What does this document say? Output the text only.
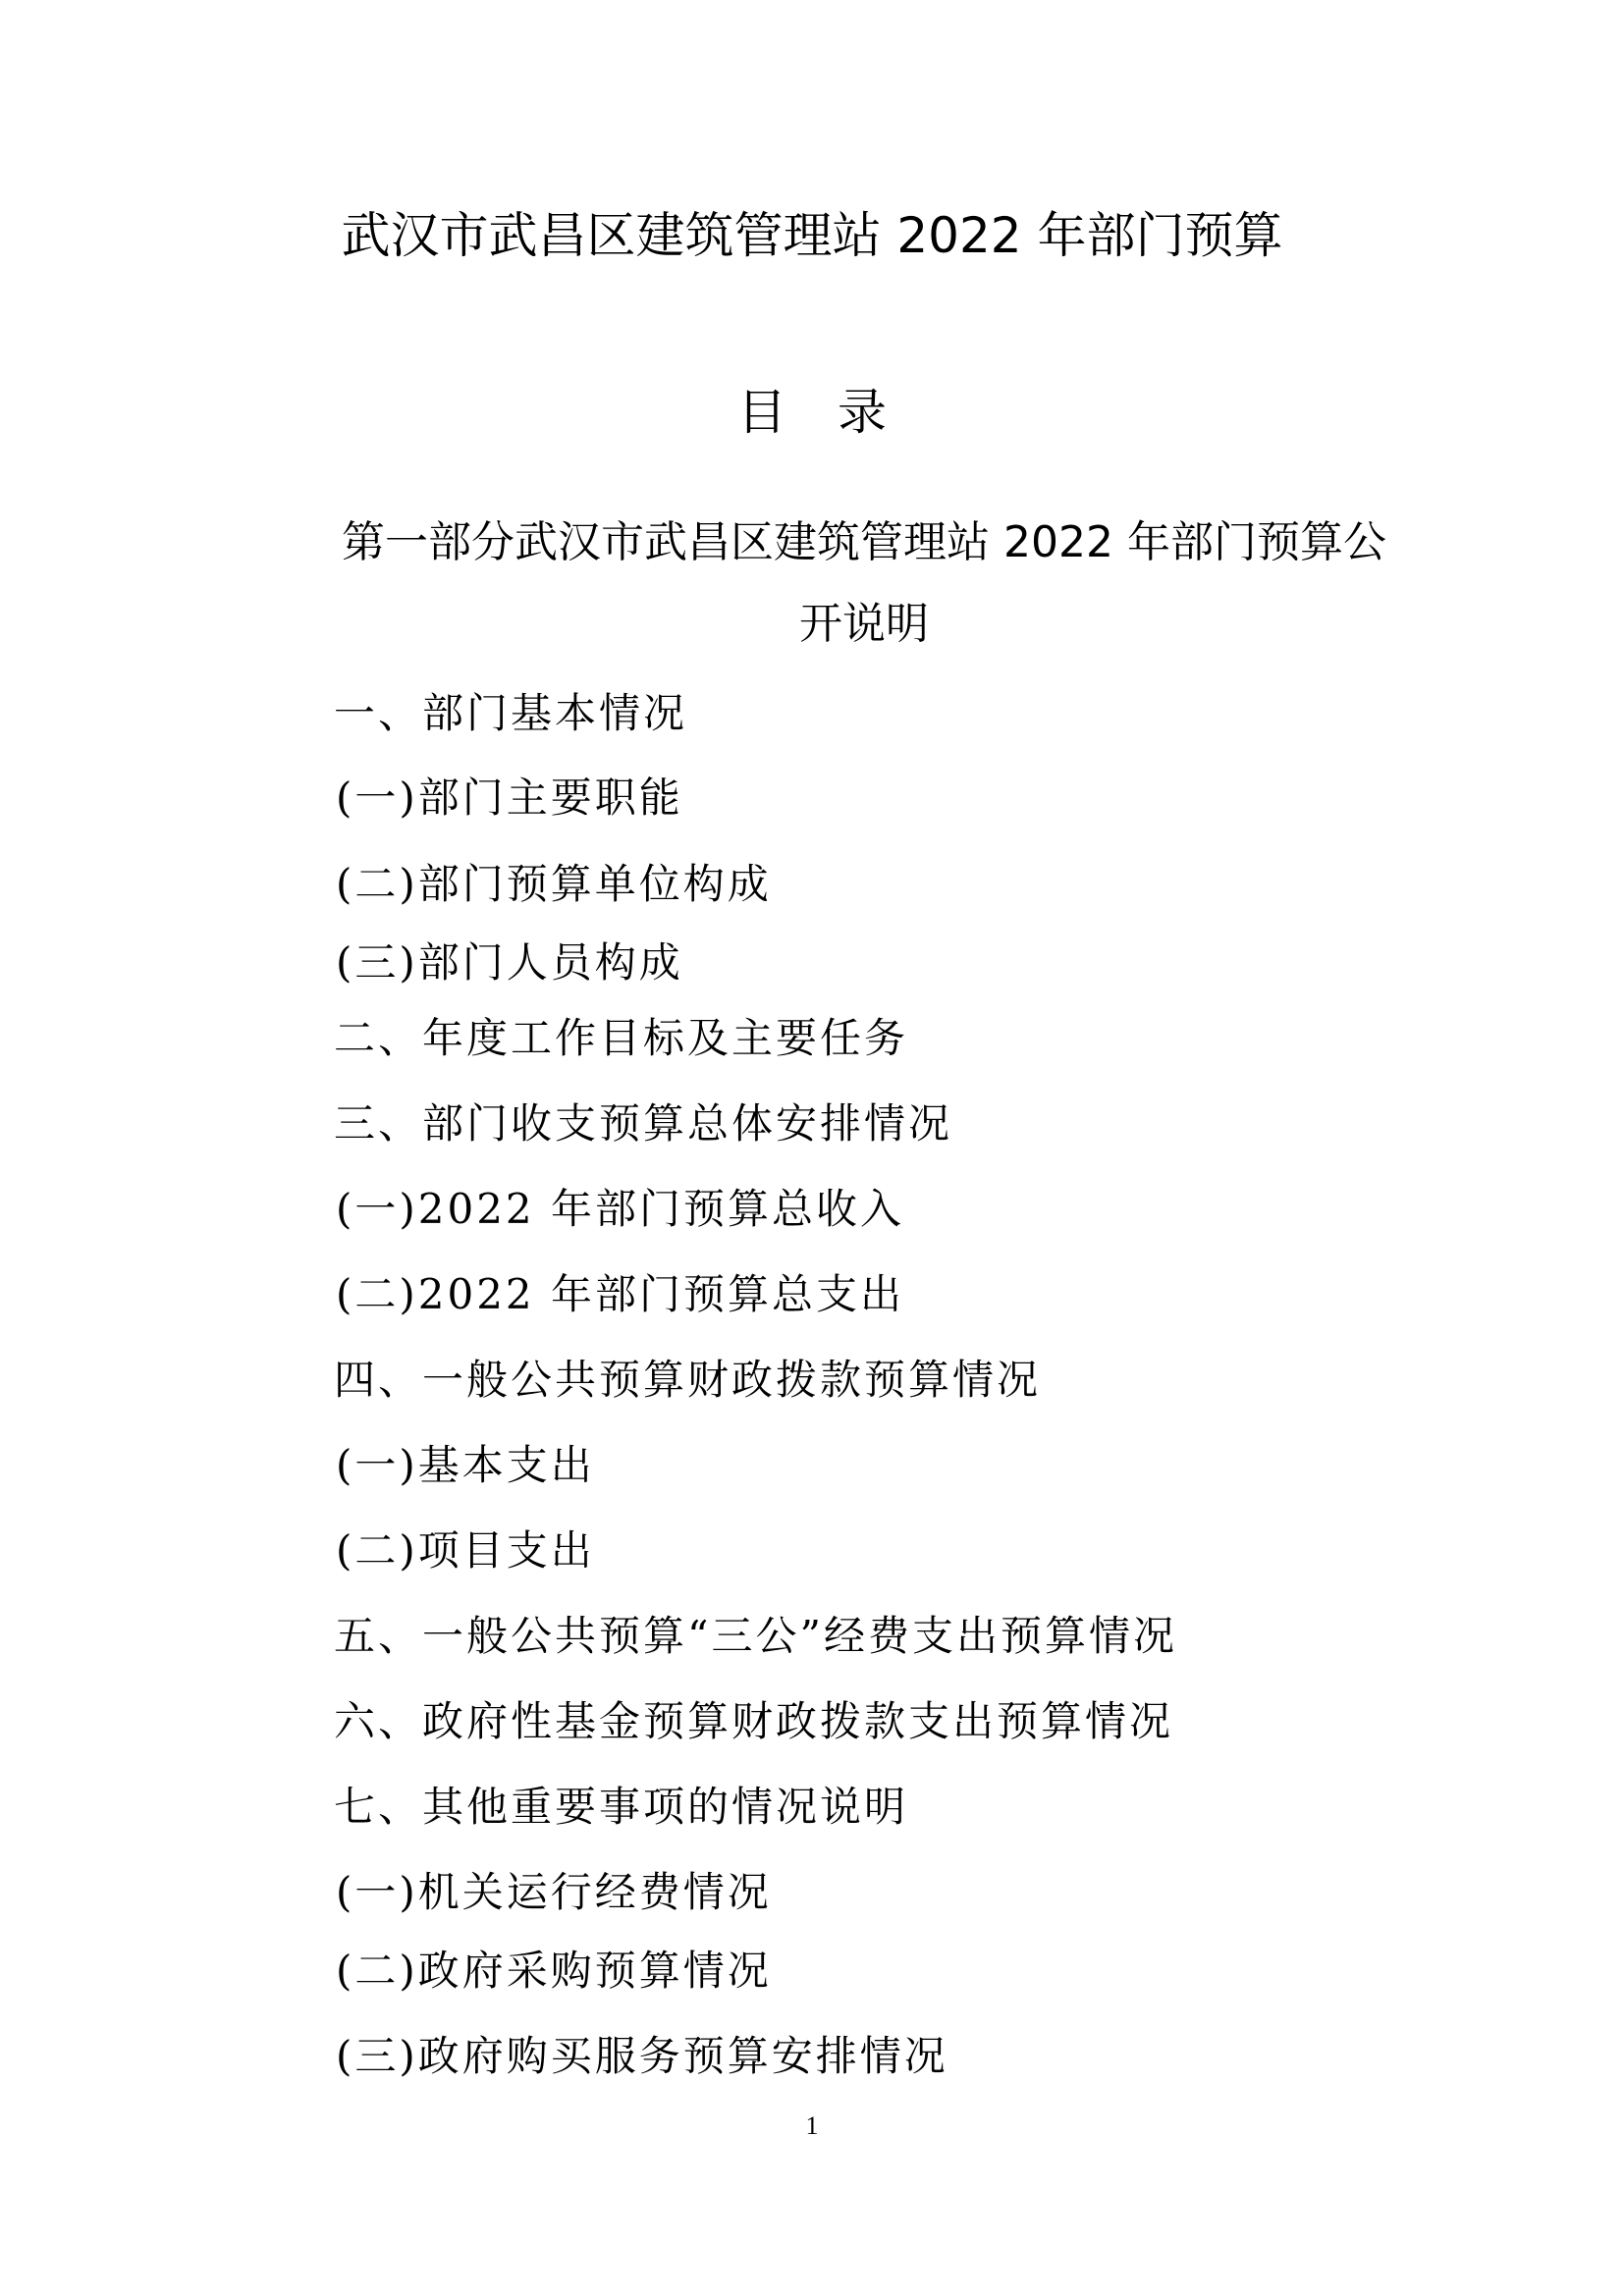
武汉市武昌区建筑管理站 2022 年部门预算
目 录
第一部分武汉市武昌区建筑管理站 2022 年部门预算公
开说明
一、部门基本情况
(一)部门主要职能
(二)部门预算单位构成
(三)部门人员构成
二、年度工作目标及主要任务
三、部门收支预算总体安排情况
(一)2022 年部门预算总收入
(二)2022 年部门预算总支出
四、一般公共预算财政拨款预算情况
(一)基本支出
(二)项目支出
五、一般公共预算“三公”经费支出预算情况
六、政府性基金预算财政拨款支出预算情况
七、其他重要事项的情况说明
(一)机关运行经费情况
(二)政府采购预算情况
(三)政府购买服务预算安排情况
1
